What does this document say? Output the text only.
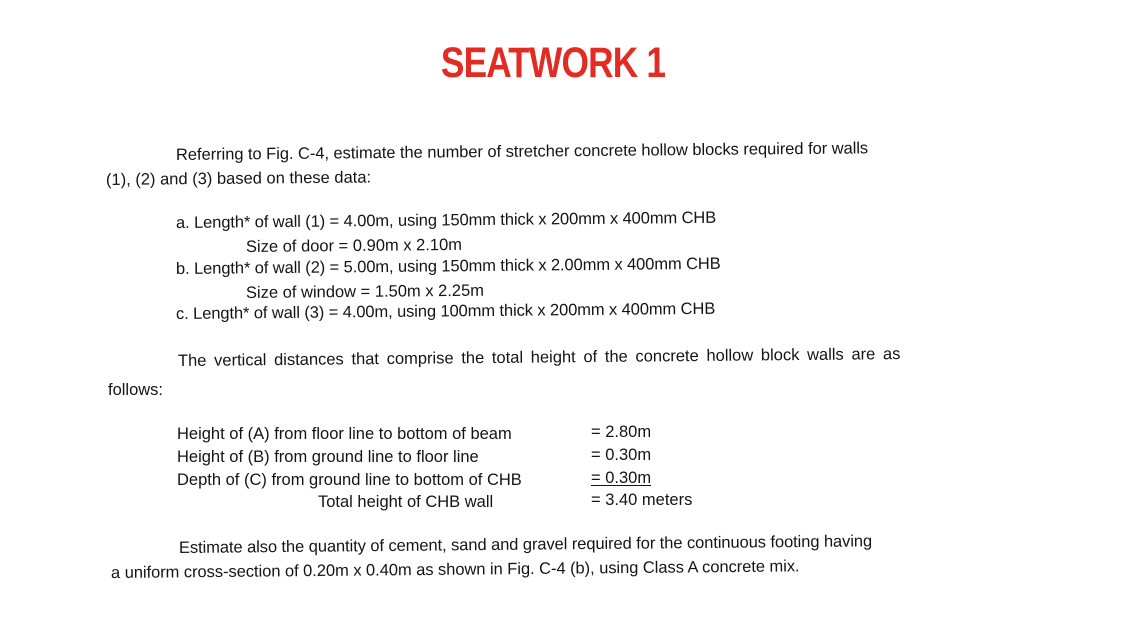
SEATWORK 1
Referring to Fig. C-4, estimate the number of stretcher concrete hollow blocks required for walls
(1), (2) and (3) based on these data:
a. Length* of wall (1) = 4.00m, using 150mm thick x 200mm x 400mm CHB
Size of door = 0.90m x 2.10m
b. Length* of wall (2) = 5.00m, using 150mm thick x 2.00mm x 400mm CHB
Size of window = 1.50m x 2.25m
c. Length* of wall (3) = 4.00m, using 100mm thick x 200mm x 400mm CHB
The vertical distances that comprise the total height of the concrete hollow block walls are as
follows:
Height of (A) from floor line to bottom of beam	= 2.80m
Height of (B) from ground line to floor line	= 0.30m
Depth of (C) from ground line to bottom of CHB	= 0.30m
Total height of CHB wall	= 3.40 meters
Estimate also the quantity of cement, sand and gravel required for the continuous footing having
a uniform cross-section of 0.20m x 0.40m as shown in Fig. C-4 (b), using Class A concrete mix.
